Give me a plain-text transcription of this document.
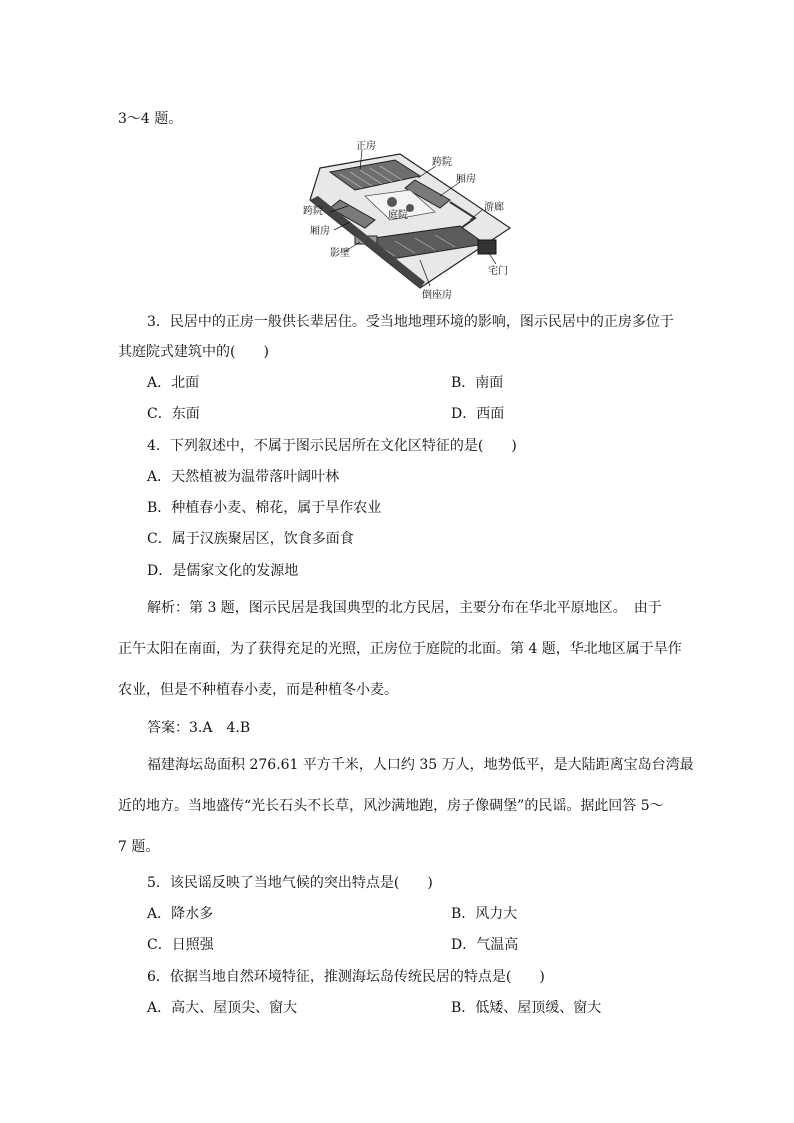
3～4 题。
正房
跨院
厢房
跨院	庭院
游廊
厢房
影壁
宅门
倒座房
3．民居中的正房一般供长辈居住。受当地地理环境的影响，图示民居中的正房多位于
其庭院式建筑中的(　　)
A．北面	B．南面
C．东面	D．西面
4．下列叙述中，不属于图示民居所在文化区特征的是(　　)
A．天然植被为温带落叶阔叶林
B．种植春小麦、棉花，属于旱作农业
C．属于汉族聚居区，饮食多面食
D．是儒家文化的发源地
解析：第 3 题，图示民居是我国典型的北方民居，主要分布在华北平原地区。　由于
正午太阳在南面，为了获得充足的光照，正房位于庭院的北面。第 4 题，华北地区属于旱作
农业，但是不种植春小麦，而是种植冬小麦。
答案：3.A　4.B
福建海坛岛面积 276.61 平方千米，人口约 35 万人，地势低平，是大陆距离宝岛台湾最
近的地方。当地盛传“光长石头不长草，风沙满地跑，房子像碉堡”的民谣。据此回答 5～
7 题。
5．该民谣反映了当地气候的突出特点是(　　)
A．降水多	B．风力大
C．日照强	D．气温高
6．依据当地自然环境特征，推测海坛岛传统民居的特点是(　　)
A．高大、屋顶尖、窗大	B．低矮、屋顶缓、窗大
